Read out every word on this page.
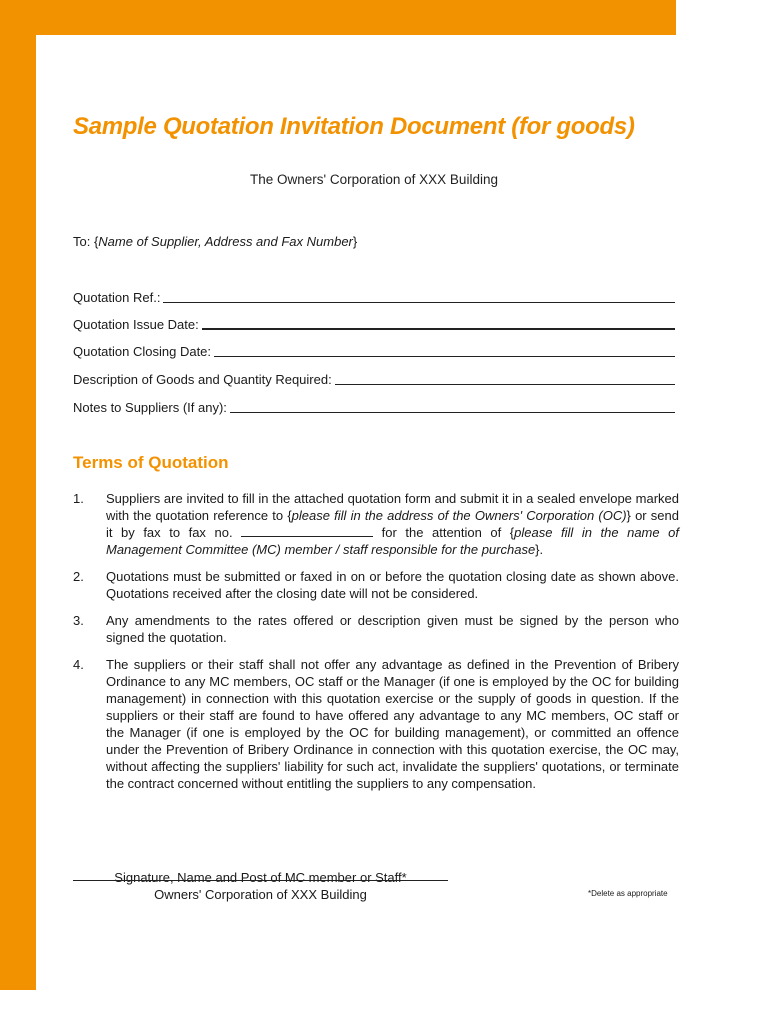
Sample Quotation Invitation Document (for goods)
The Owners' Corporation of XXX Building
To: {Name of Supplier, Address and Fax Number}
Quotation Ref.:
Quotation Issue Date:
Quotation Closing Date:
Description of Goods and Quantity Required:
Notes to Suppliers (If any):
Terms of Quotation
1. Suppliers are invited to fill in the attached quotation form and submit it in a sealed envelope marked with the quotation reference to {please fill in the address of the Owners' Corporation (OC)} or send it by fax to fax no.	for the attention of {please fill in the name of Management Committee (MC) member / staff responsible for the purchase}.
2. Quotations must be submitted or faxed in on or before the quotation closing date as shown above. Quotations received after the closing date will not be considered.
3. Any amendments to the rates offered or description given must be signed by the person who signed the quotation.
4. The suppliers or their staff shall not offer any advantage as defined in the Prevention of Bribery Ordinance to any MC members, OC staff or the Manager (if one is employed by the OC for building management) in connection with this quotation exercise or the supply of goods in question. If the suppliers or their staff are found to have offered any advantage to any MC members, OC staff or the Manager (if one is employed by the OC for building management), or committed an offence under the Prevention of Bribery Ordinance in connection with this quotation exercise, the OC may, without affecting the suppliers' liability for such act, invalidate the suppliers' quotations, or terminate the contract concerned without entitling the suppliers to any compensation.
Signature, Name and Post of MC member or Staff*
Owners' Corporation of XXX Building	*Delete as appropriate
